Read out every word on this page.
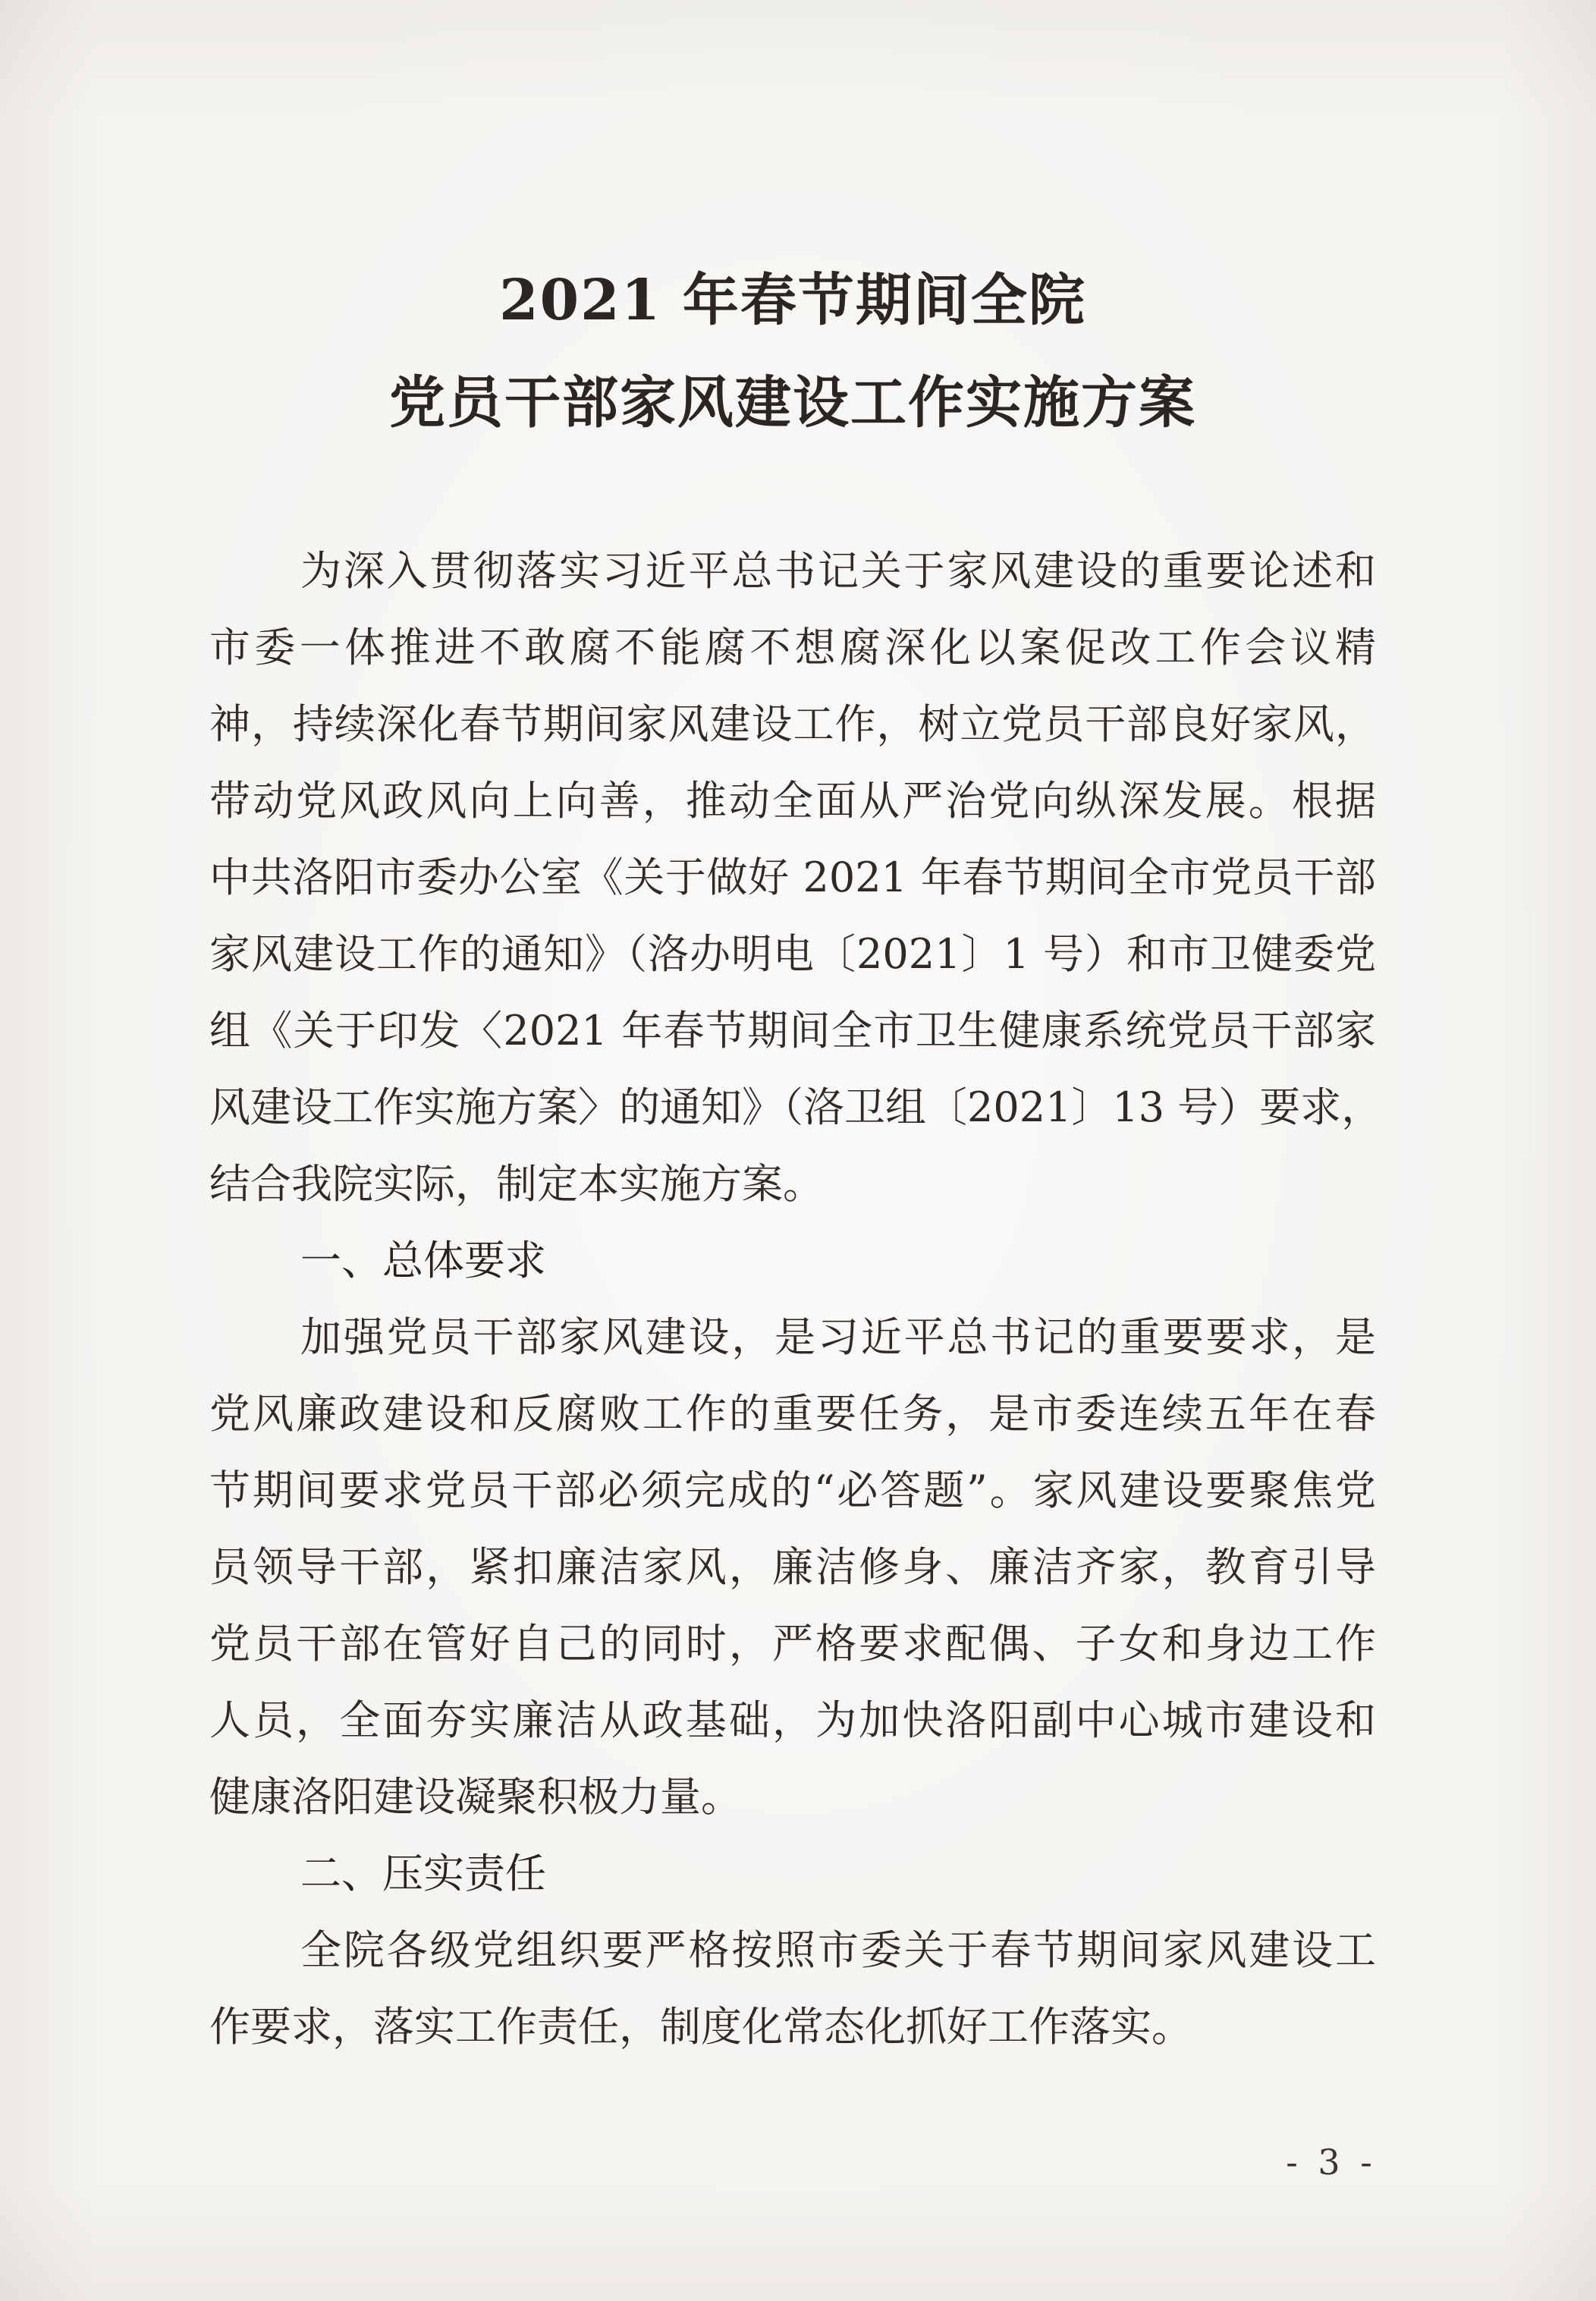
2021 年春节期间全院
党员干部家风建设工作实施方案
为深入贯彻落实习近平总书记关于家风建设的重要论述和
市委一体推进不敢腐不能腐不想腐深化以案促改工作会议精
神，持续深化春节期间家风建设工作，树立党员干部良好家风，
带动党风政风向上向善，推动全面从严治党向纵深发展。根据
中共洛阳市委办公室《关于做好 2021 年春节期间全市党员干部
家风建设工作的通知》（洛办明电〔2021〕1 号）和市卫健委党
组《关于印发〈2021 年春节期间全市卫生健康系统党员干部家
风建设工作实施方案〉的通知》（洛卫组〔2021〕13 号）要求，
结合我院实际，制定本实施方案。
一、总体要求
加强党员干部家风建设，是习近平总书记的重要要求，是
党风廉政建设和反腐败工作的重要任务，是市委连续五年在春
节期间要求党员干部必须完成的“必答题”。家风建设要聚焦党
员领导干部，紧扣廉洁家风，廉洁修身、廉洁齐家，教育引导
党员干部在管好自己的同时，严格要求配偶、子女和身边工作
人员，全面夯实廉洁从政基础，为加快洛阳副中心城市建设和
健康洛阳建设凝聚积极力量。
二、压实责任
全院各级党组织要严格按照市委关于春节期间家风建设工
作要求，落实工作责任，制度化常态化抓好工作落实。
- 3 -
